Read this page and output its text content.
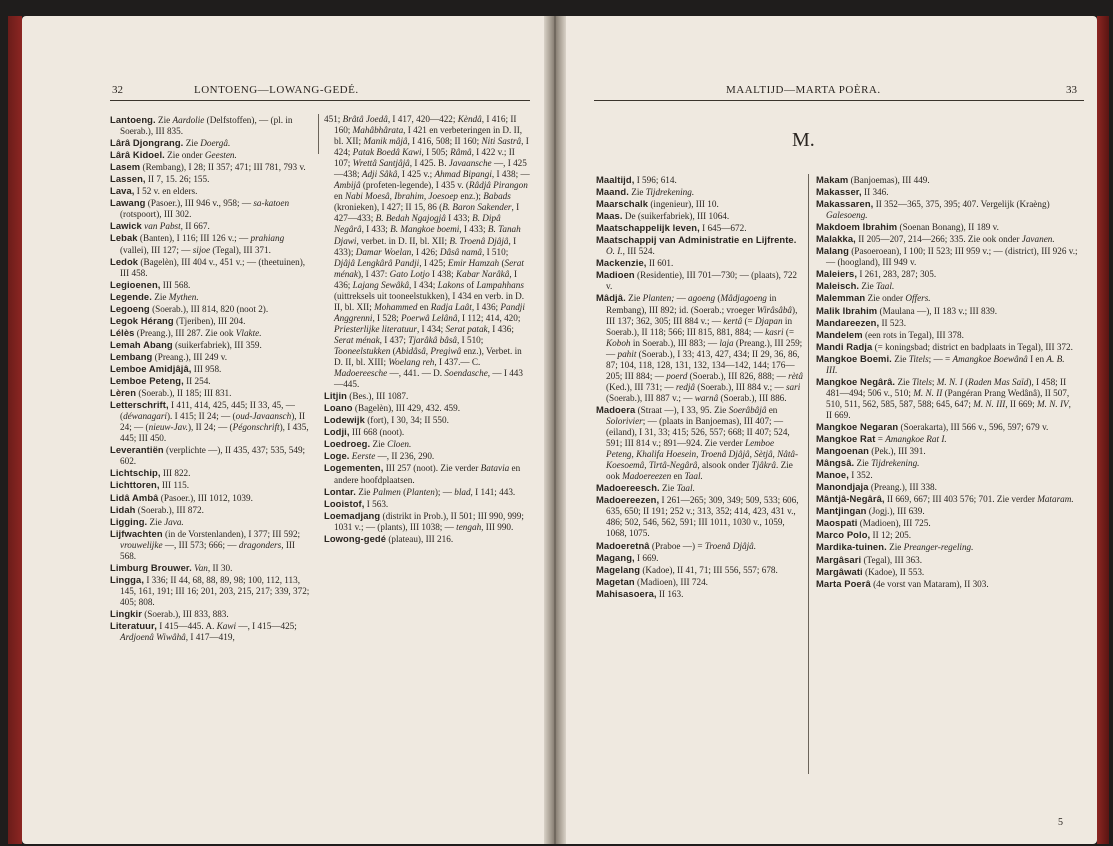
32	LONTOENG—LOWANG-GEDÉ.

Lantoeng. Zie Aardolie (Delfstoffen), — (pl. in Soerab.), III 835.

Lârâ Djongrang. Zie Doergâ.

Lârâ Kidoel. Zie onder Geesten.

Lasem (Rembang), I 28; II 357; 471; III 781, 793 v.

Lassen, II 7, 15. 26; 155.

Lava, I 52 v. en elders.

Lawang (Pasoer.), III 946 v., 958; — sa-katoen (rotspoort), III 302.

Lawick van Pabst, II 667.

Lebak (Banten), I 116; III 126 v.; — prahiang (vallei), III 127; — sijoe (Tegal), III 371.

Ledok (Bagelèn), III 404 v., 451 v.; — (theetuinen), III 458.

Legioenen, III 568.

Legende. Zie Mythen.

Legoeng (Soerab.), III 814, 820 (noot 2).

Legok Hérang (Tjeriben), III 204.

Lélès (Preang.), III 287. Zie ook Vlakte.

Lemah Abang (suikerfabriek), III 359.

Lembang (Preang.), III 249 v.

Lemboe Amidjâjâ, III 958.

Lemboe Peteng, II 254.

Lèren (Soerab.), II 185; III 831.

Letterschrift, I 411, 414, 425, 445; II 33, 45, — (déwanagari). I 415; II 24; — (oud-Javaansch), II 24; — (nieuw-Jav.), II 24; — (Pégonschrift), I 435, 445; III 450.

Leverantiën (verplichte —), II 435, 437; 535, 549; 602.

Lichtschip, III 822.

Lichttoren, III 115.

Lidâ Ambâ (Pasoer.), III 1012, 1039.

Lidah (Soerab.), III 872.

Ligging. Zie Java.

Lijfwachten (in de Vorstenlanden), I 377; III 592; vrouwelijke —, III 573; 666; — dragonders, III 568.

Limburg Brouwer. Van, II 30.

Lingga, I 336; II 44, 68, 88, 89, 98; 100, 112, 113, 145, 161, 191; III 16; 201, 203, 215, 217; 339, 372; 405; 808.

Lingkir (Soerab.), III 833, 883.

Literatuur, I 415—445. A. Kawi —, I 415—425; Ardjoenâ Wiwâhâ, I 417—419,

451; Brâtâ Joedâ, I 417, 420—422; Kèndâ, I 416; II 160; Mahâbhârata, I 421 en verbeteringen in D. II, bl. XII; Manik mâjâ, I 416, 508; II 160; Niti Sastrâ, I 424; Patak Boedâ Kawi, I 505; Râmâ, I 422 v.; II 107; Wrettâ Santjâjâ, I 425. B. Javaansche —, I 425—438; Adji Sâkâ, I 425 v.; Ahmad Bipangi, I 438; — Ambijâ (profeten-legende), I 435 v. (Râdjâ Pirangon en Nabi Moesâ, Ibrahim, Joesoep enz.); Babads (kronieken), I 427; II 15, 86 (B. Baron Sakender, I 427—433; B. Bedah Ngajogjâ I 433; B. Dipâ Negârâ, I 433; B. Mangkoe boemi, I 433; B. Tanah Djawi, verbet. in D. II, bl. XII; B. Troenâ Djâjâ, I 433); Damar Woelan, I 426; Dâsâ namâ, I 510; Djâjâ Lengkârâ Pandji, I 425; Emir Hamzah (Serat ménak), I 437: Gato Lotjo I 438; Kabar Narâkâ, I 436; Lajang Sewâkâ, I 434; Lakons of Lampahhans (uittreksels uit tooneelstukken), I 434 en verb. in D. II, bl. XII; Mohammed en Radja Laât, I 436; Pandji Anggrenni, I 528; Poerwâ Lelânâ, I 112; 414, 420; Priesterlijke literatuur, I 434; Serat patak, I 436; Serat ménak, I 437; Tjarâkâ bâsâ, I 510; Tooneelstukken (Abidâsâ, Pregiwâ enz.), Verbet. in D. II, bl. XIII; Woelang reh, I 437.— C. Madoereesche —, 441. — D. Soendasche, — I 443—445.

Litjin (Bes.), III 1087.

Loano (Bagelèn), III 429, 432. 459.

Lodewijk (fort), I 30, 34; II 550.

Lodji, III 668 (noot).

Loedroeg. Zie Cloen.

Loge. Eerste —, II 236, 290.

Logementen, III 257 (noot). Zie verder Batavia en andere hoofdplaatsen.

Lontar. Zie Palmen (Planten); — blad, I 141; 443.

Looistof, I 563.

Loemadjang (distrikt in Prob.), II 501; III 990, 999; 1031 v.; — (plants), III 1038; — tengah, III 990.

Lowong-gedé (plateau), III 216.

MAALTIJD—MARTA POÈRA.	33
M.

Maaltijd, I 596; 614.

Maand. Zie Tijdrekening.

Maarschalk (ingenieur), III 10.

Maas. De (suikerfabriek), III 1064.

Maatschappelijk leven, I 645—672.

Maatschappij van Administratie en Lijfrente. O. I., III 524.

Mackenzie, II 601.

Madioen (Residentie), III 701—730; — (plaats), 722 v.

Mâdjâ. Zie Planten; — agoeng (Mâdjagoeng in Rembang), III 892; id. (Soerab.; vroeger Wirâsâbâ), III 137; 362, 305; III 884 v.; — kertâ (= Djapan in Soerab.), II 118; 566; III 815, 881, 884; — kasri (= Koboh in Soerab.), III 883; — laja (Preang.), III 259; — pahit (Soerab.), I 33; 413, 427, 434; II 29, 36, 86, 87; 104, 118, 128, 131, 132, 134—142, 144; 176—205; III 884; — poerd (Soerab.), III 826, 888; — rètâ (Ked.), III 731; — redjâ (Soerab.), III 884 v.; — sari (Soerab.), III 887 v.; — warnâ (Soerab.), III 886.

Madoera (Straat —), I 33, 95. Zie Soerâbâjâ en Solorivier; — (plaats in Banjoemas), III 407; — (eiland), I 31, 33; 415; 526, 557; 668; II 407; 524, 591; III 814 v.; 891—924. Zie verder Lemboe Peteng, Khalifa Hoesein, Troenâ Djâjâ, Sètjâ, Nâtâ-Koesoemâ, Tirtâ-Negârâ, alsook onder Tjâkrâ. Zie ook Madoereezen en Taal.

Madoereesch. Zie Taal.

Madoereezen, I 261—265; 309, 349; 509, 533; 606, 635, 650; II 191; 252 v.; 313, 352; 414, 423, 431 v., 486; 502, 546, 562, 591; III 1011, 1030 v., 1059, 1068, 1075.

Madoeretnâ (Praboe —) = Troenâ Djâjâ.

Magang, I 669.

Magelang (Kadoe), II 41, 71; III 556, 557; 678.

Magetan (Madioen), III 724.

Mahisasoera, II 163.

Makam (Banjoemas), III 449.

Makasser, II 346.

Makassaren, II 352—365, 375, 395; 407. Vergelijk (Kraèng) Galesoeng.

Makdoem Ibrahim (Soenan Bonang), II 189 v.

Malakka, II 205—207, 214—266; 335. Zie ook onder Javanen.

Malang (Pasoeroean), I 100; II 523; III 959 v.; — (district), III 926 v.; — (hoogland), III 949 v.

Maleiers, I 261, 283, 287; 305.

Maleisch. Zie Taal.

Malemman Zie onder Offers.

Malik Ibrahim (Maulana —), II 183 v.; III 839.

Mandareezen, II 523.

Mandelem (een rots in Tegal), III 378.

Mandi Radja (= koningsbad; district en badplaats in Tegal), III 372.

Mangkoe Boemi. Zie Titels; — = Amangkoe Boewânâ I en A. B. III.

Mangkoe Negârâ. Zie Titels; M. N. I (Raden Mas Saïd), I 458; II 481—494; 506 v., 510; M. N. II (Pangéran Prang Wedânâ), II 507, 510, 511, 562, 585, 587, 588; 645, 647; M. N. III, II 669; M. N. IV, II 669.

Mangkoe Negaran (Soerakarta), III 566 v., 596, 597; 679 v.

Mangkoe Rat = Amangkoe Rat I.

Mangoenan (Pek.), III 391.

Mângsâ. Zie Tijdrekening.

Manoe, I 352.

Manondjaja (Preang.), III 338.

Mântjâ-Negârâ, II 669, 667; III 403 576; 701. Zie verder Mataram.

Mantjingan (Jogj.), III 639.

Maospati (Madioen), III 725.

Marco Polo, II 12; 205.

Mardika-tuinen. Zie Preanger-regeling.

Margâsari (Tegal), III 363.

Margâwati (Kadoe), II 553.

Marta Poerâ (4e vorst van Mataram), II 303.

5
